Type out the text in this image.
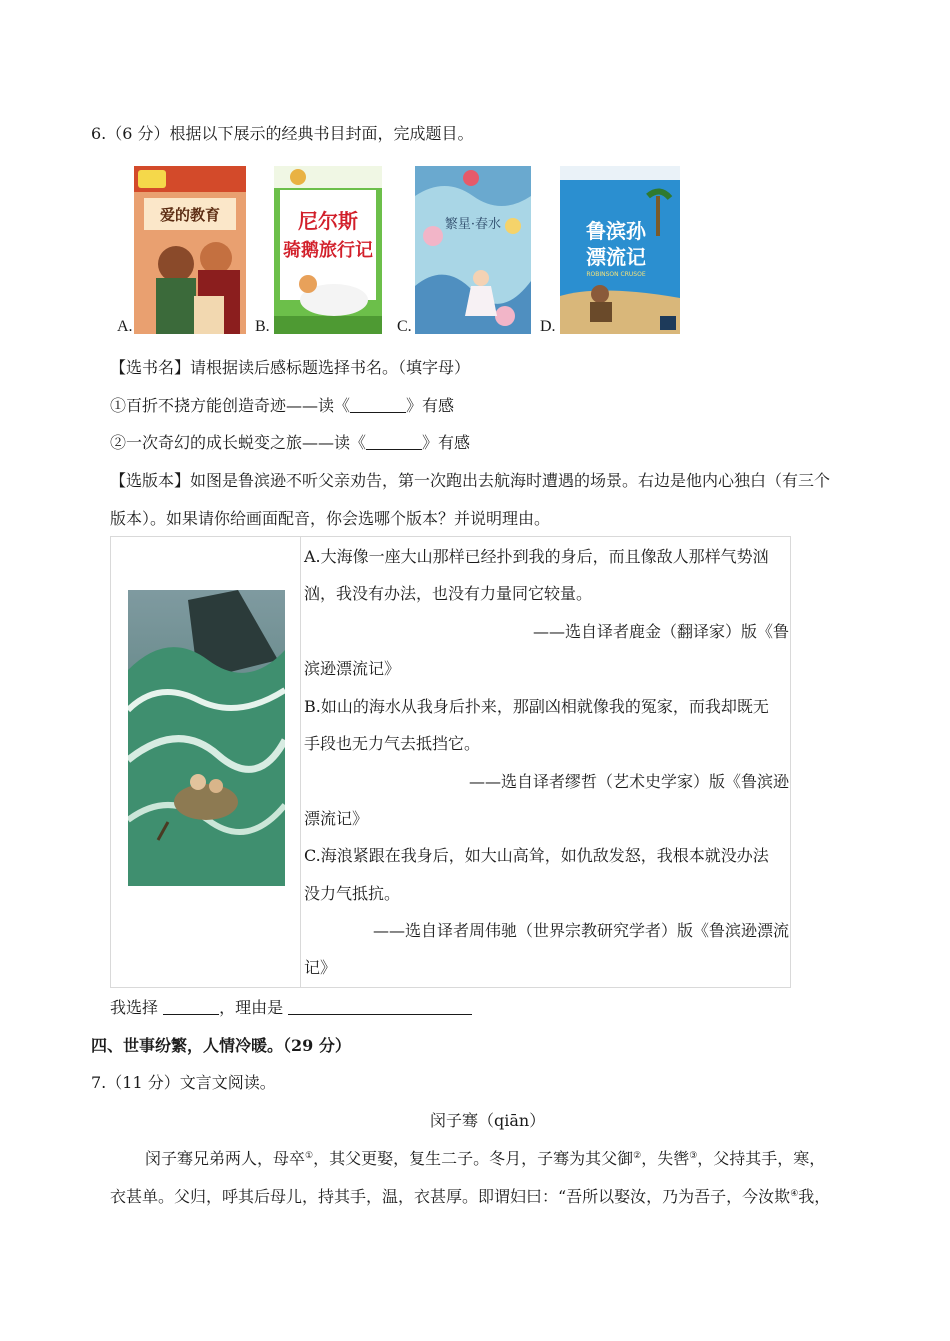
6.（6 分）根据以下展示的经典书目封面，完成题目。
爱的教育
A.
尼尔斯
骑鹅旅行记
B.
繁星·春水
C.
鲁滨孙
漂流记
ROBINSON CRUSOE
D.
【选书名】请根据读后感标题选择书名。（填字母）
①百折不挠方能创造奇迹——读《	》有感
②一次奇幻的成长蜕变之旅——读《	》有感
【选版本】如图是鲁滨逊不听父亲劝告，第一次跑出去航海时遭遇的场景。右边是他内心独白（有三个
版本）。如果请你给画面配音，你会选哪个版本？并说明理由。

A.大海像一座大山那样已经扑到我的身后，而且像敌人那样气势汹
汹，我没有办法，也没有力量同它较量。
——选自译者鹿金（翻译家）版《鲁
滨逊漂流记》
B.如山的海水从我身后扑来，那副凶相就像我的冤家，而我却既无
手段也无力气去抵挡它。
——选自译者缪哲（艺术史学家）版《鲁滨逊
漂流记》
C.海浪紧跟在我身后，如大山高耸，如仇敌发怒，我根本就没办法
没力气抵抗。
——选自译者周伟驰（世界宗教研究学者）版《鲁滨逊漂流
记》
我选择	，理由是
四、世事纷繁，人情冷暖。（29 分）
7.（11 分）文言文阅读。
闵子骞（qiān）
闵子骞兄弟两人，母卒①，其父更娶，复生二子。冬月，子骞为其父御②，失辔③，父持其手，寒，
衣甚单。父归，呼其后母儿，持其手，温，衣甚厚。即谓妇曰：“吾所以娶汝，乃为吾子，今汝欺④我，
